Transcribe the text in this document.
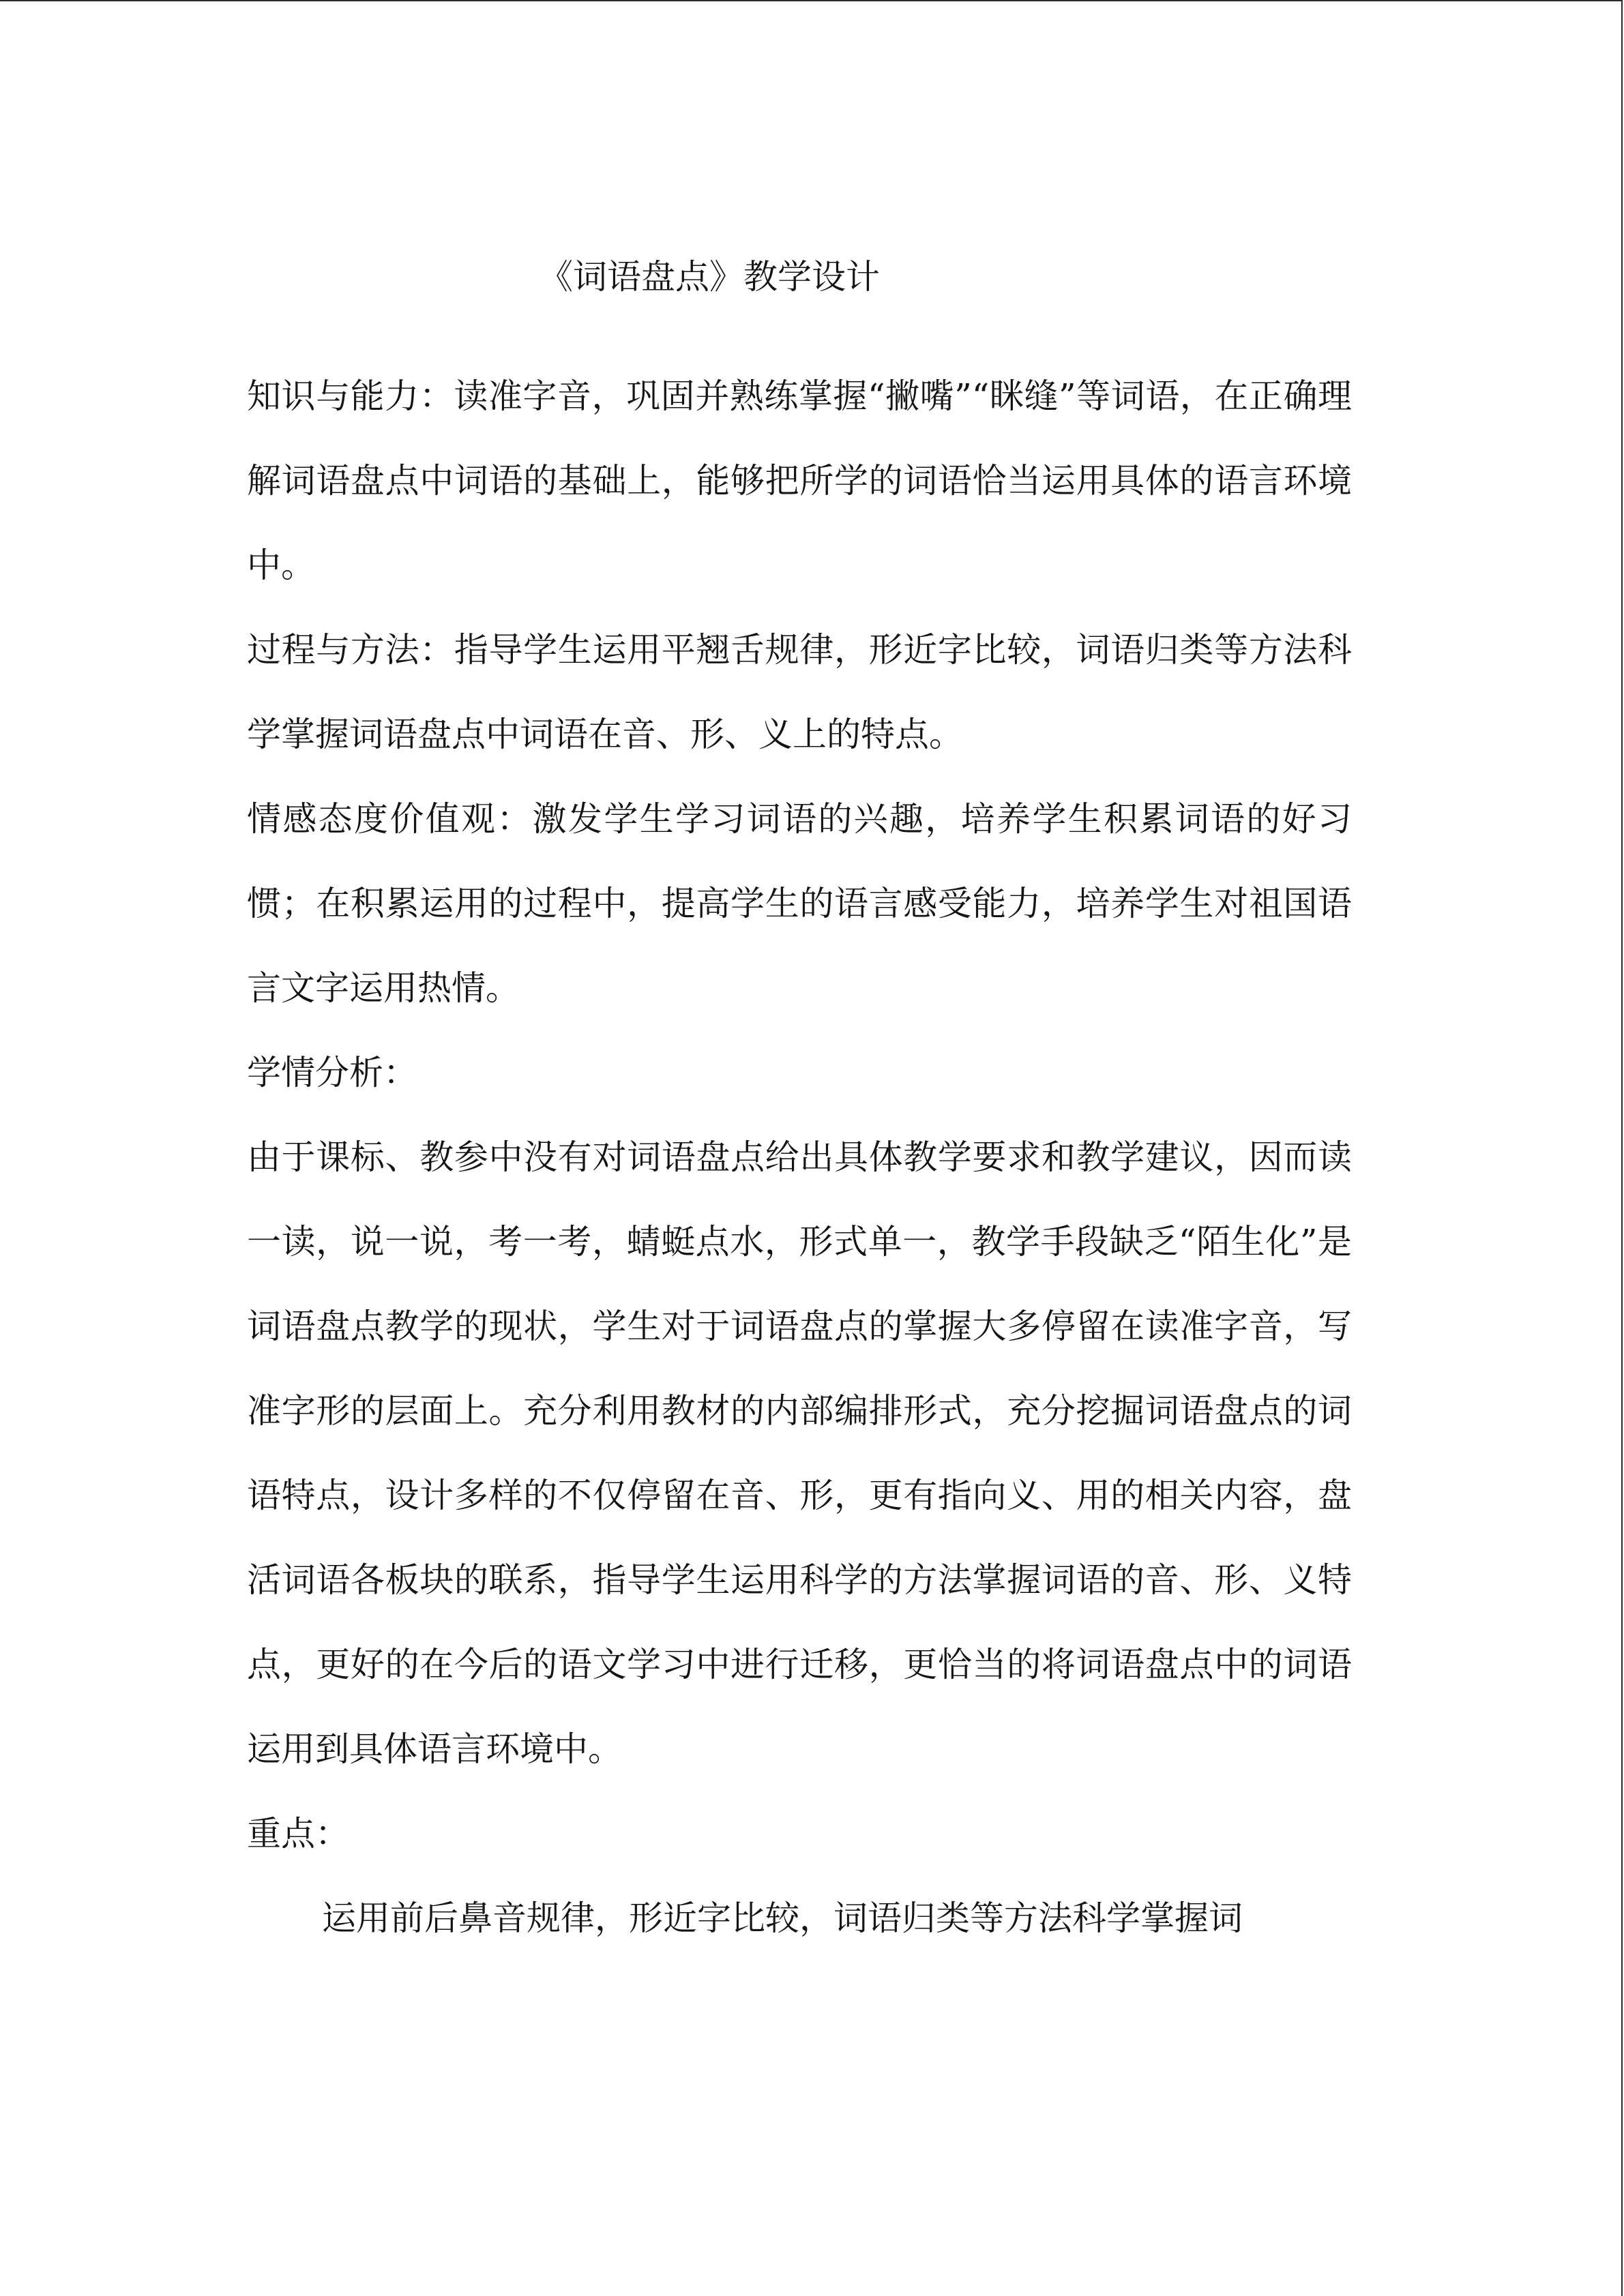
《词语盘点》教学设计

知识与能力：读准字音，巩固并熟练掌握“撇嘴”“眯缝”等词语，在正确理解词语盘点中词语的基础上，能够把所学的词语恰当运用具体的语言环境中。

过程与方法：指导学生运用平翘舌规律，形近字比较，词语归类等方法科学掌握词语盘点中词语在音、形、义上的特点。

情感态度价值观：激发学生学习词语的兴趣，培养学生积累词语的好习惯；在积累运用的过程中，提高学生的语言感受能力，培养学生对祖国语言文字运用热情。

学情分析：

由于课标、教参中没有对词语盘点给出具体教学要求和教学建议，因而读一读，说一说，考一考，蜻蜓点水，形式单一，教学手段缺乏“陌生化”是词语盘点教学的现状，学生对于词语盘点的掌握大多停留在读准字音，写准字形的层面上。充分利用教材的内部编排形式，充分挖掘词语盘点的词语特点，设计多样的不仅停留在音、形，更有指向义、用的相关内容，盘活词语各板块的联系，指导学生运用科学的方法掌握词语的音、形、义特点，更好的在今后的语文学习中进行迁移，更恰当的将词语盘点中的词语运用到具体语言环境中。

重点：

运用前后鼻音规律，形近字比较，词语归类等方法科学掌握词
